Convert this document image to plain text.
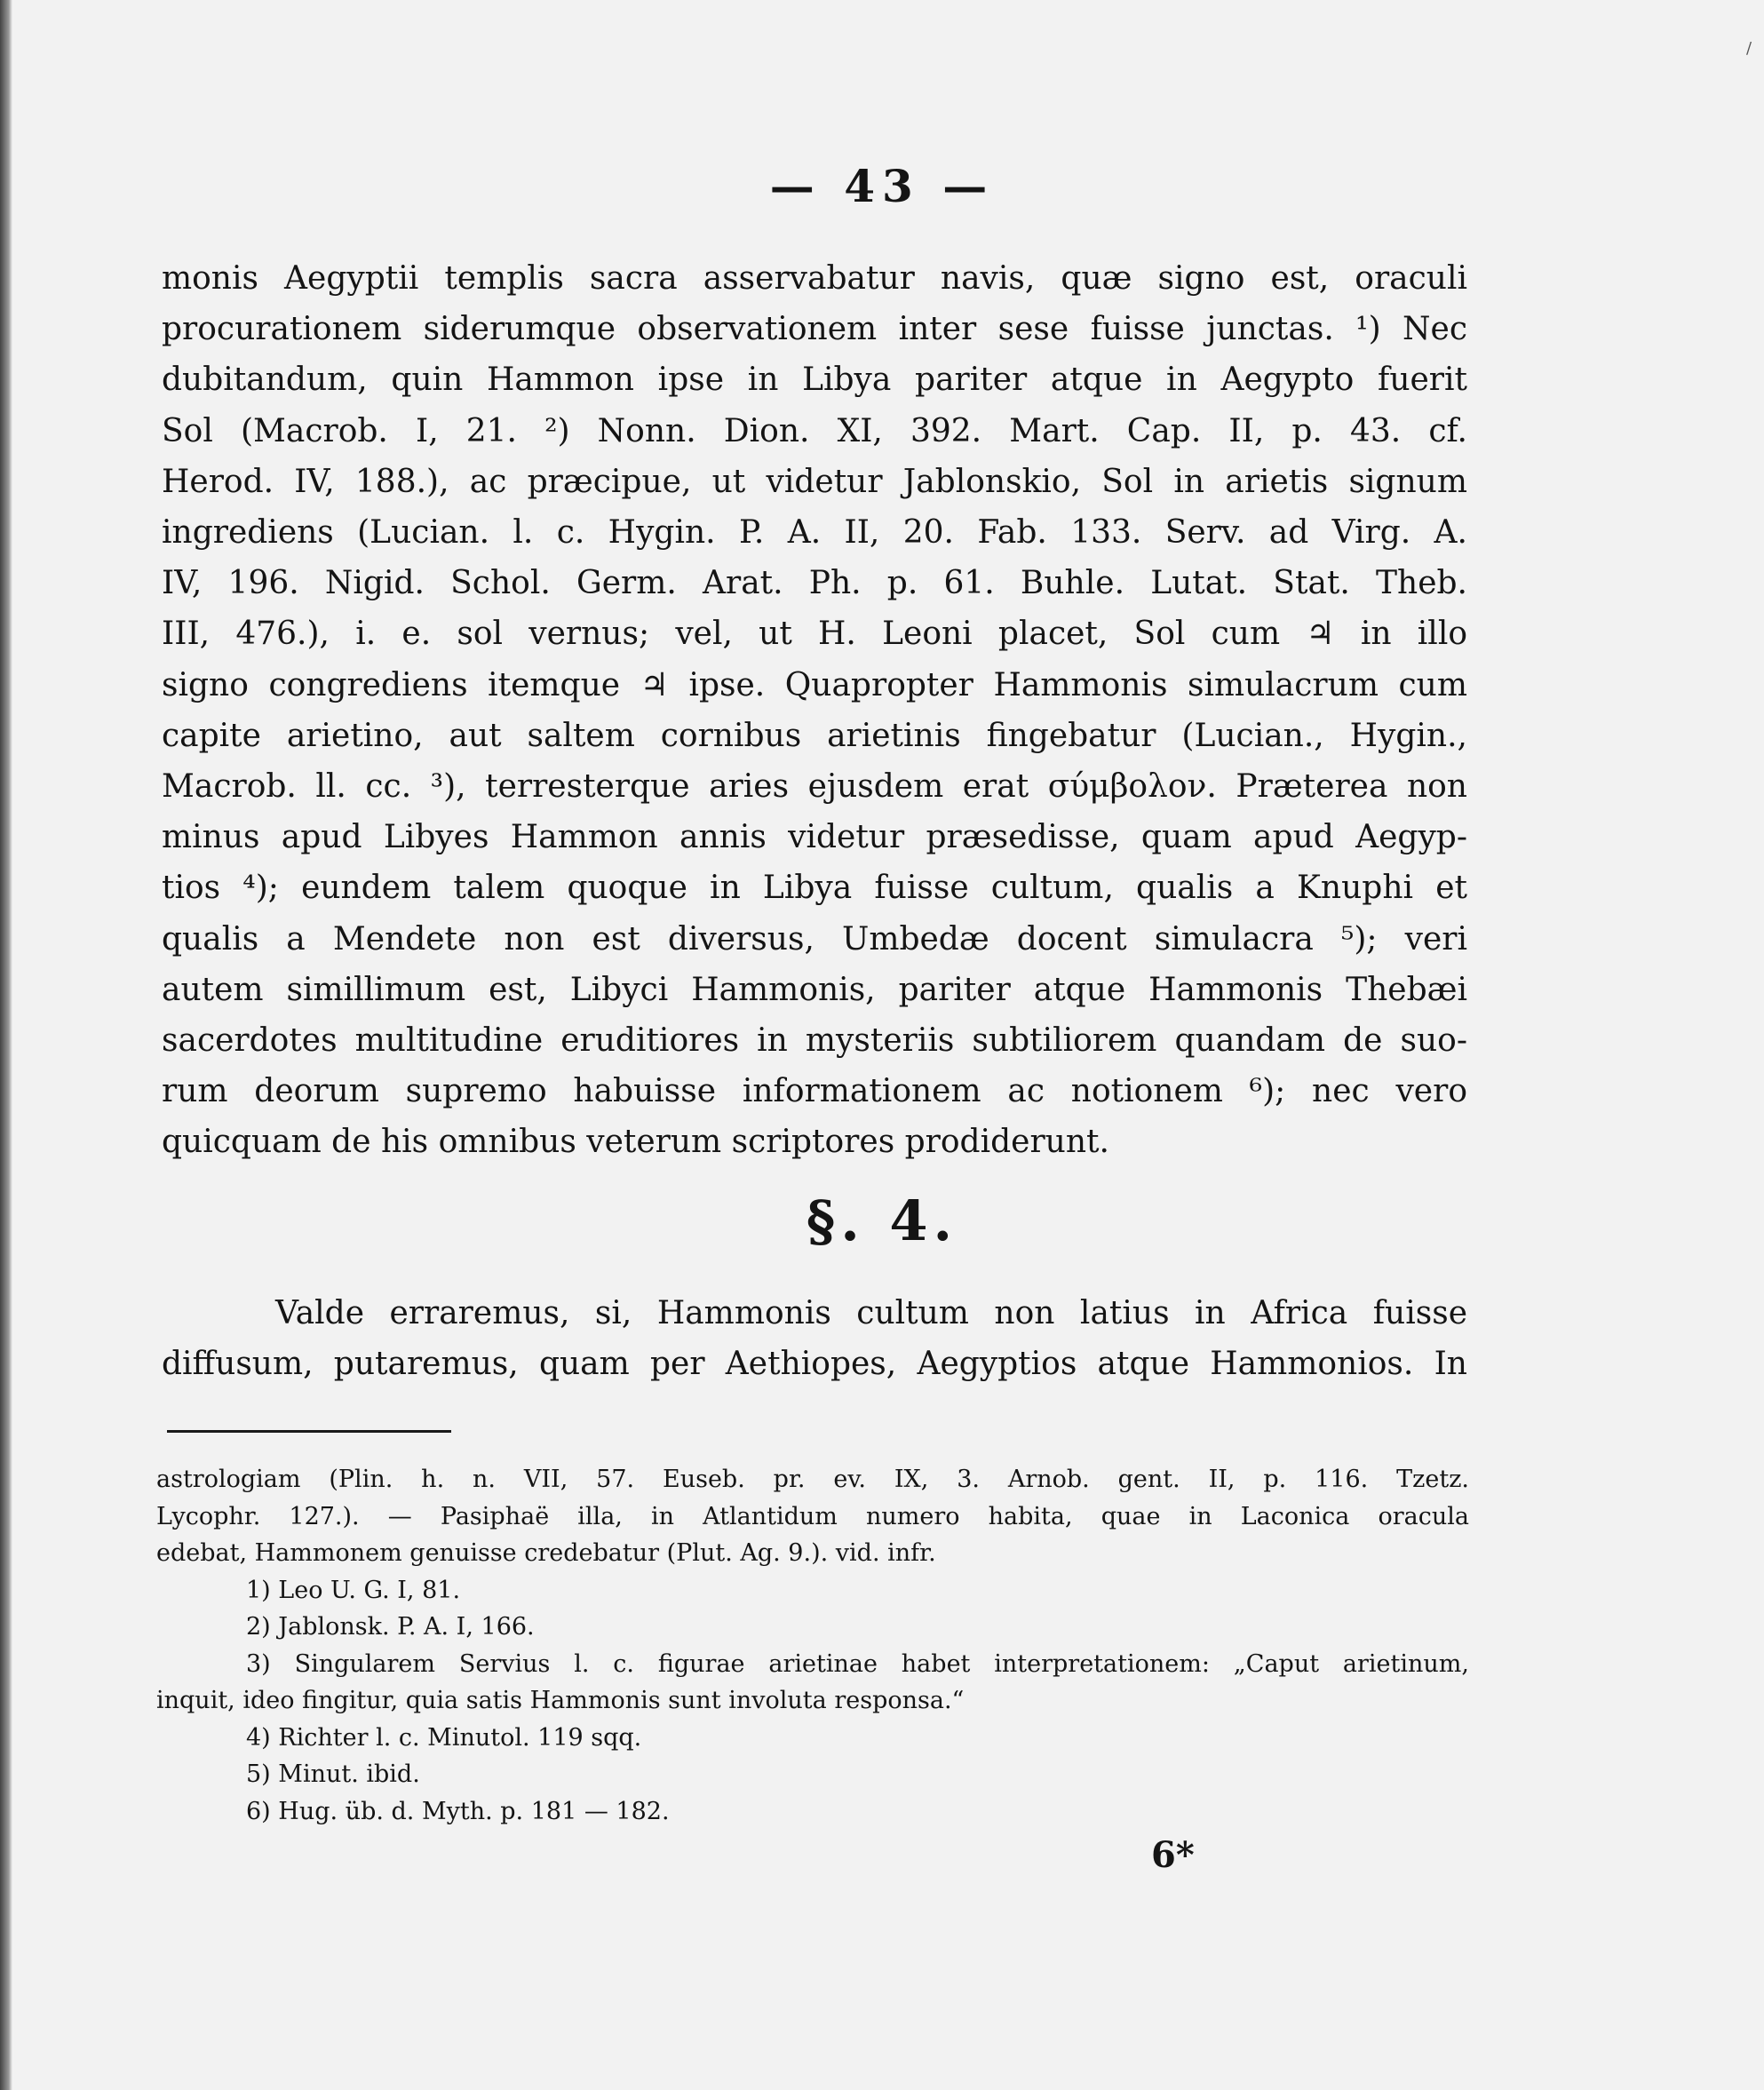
/
— 43 —

monis Aegyptii templis sacra asservabatur navis, quæ signo est, oraculi

procurationem siderumque observationem inter sese fuisse junctas. ¹) Nec

dubitandum, quin Hammon ipse in Libya pariter atque in Aegypto fuerit

Sol (Macrob. I, 21. ²) Nonn. Dion. XI, 392. Mart. Cap. II, p. 43. cf.

Herod. IV, 188.), ac præcipue, ut videtur Jablonskio, Sol in arietis signum

ingrediens (Lucian. l. c. Hygin. P. A. II, 20. Fab. 133. Serv. ad Virg. A.

IV, 196. Nigid. Schol. Germ. Arat. Ph. p. 61. Buhle. Lutat. Stat. Theb.

III, 476.), i. e. sol vernus; vel, ut H. Leoni placet, Sol cum ♃ in illo

signo congrediens itemque ♃ ipse. Quapropter Hammonis simulacrum cum

capite arietino, aut saltem cornibus arietinis fingebatur (Lucian., Hygin.,

Macrob. ll. cc. ³), terresterque aries ejusdem erat σύμβολον. Præterea non

minus apud Libyes Hammon annis videtur præsedisse, quam apud Aegyp-

tios ⁴); eundem talem quoque in Libya fuisse cultum, qualis a Knuphi et

qualis a Mendete non est diversus, Umbedæ docent simulacra ⁵); veri

autem simillimum est, Libyci Hammonis, pariter atque Hammonis Thebæi

sacerdotes multitudine eruditiores in mysteriis subtiliorem quandam de suo-

rum deorum supremo habuisse informationem ac notionem ⁶); nec vero

quicquam de his omnibus veterum scriptores prodiderunt.

§. 4.

Valde erraremus, si, Hammonis cultum non latius in Africa fuisse

diffusum, putaremus, quam per Aethiopes, Aegyptios atque Hammonios. In

astrologiam (Plin. h. n. VII, 57. Euseb. pr. ev. IX, 3. Arnob. gent. II, p. 116. Tzetz.
Lycophr. 127.). — Pasiphaë illa, in Atlantidum numero habita, quae in Laconica oracula
edebat, Hammonem genuisse credebatur (Plut. Ag. 9.). vid. infr.
1) Leo U. G. I, 81.
2) Jablonsk. P. A. I, 166.
3) Singularem Servius l. c. figurae arietinae habet interpretationem: „Caput arietinum,
inquit, ideo fingitur, quia satis Hammonis sunt involuta responsa.“
4) Richter l. c. Minutol. 119 sqq.
5) Minut. ibid.
6) Hug. üb. d. Myth. p. 181 — 182.
6*
